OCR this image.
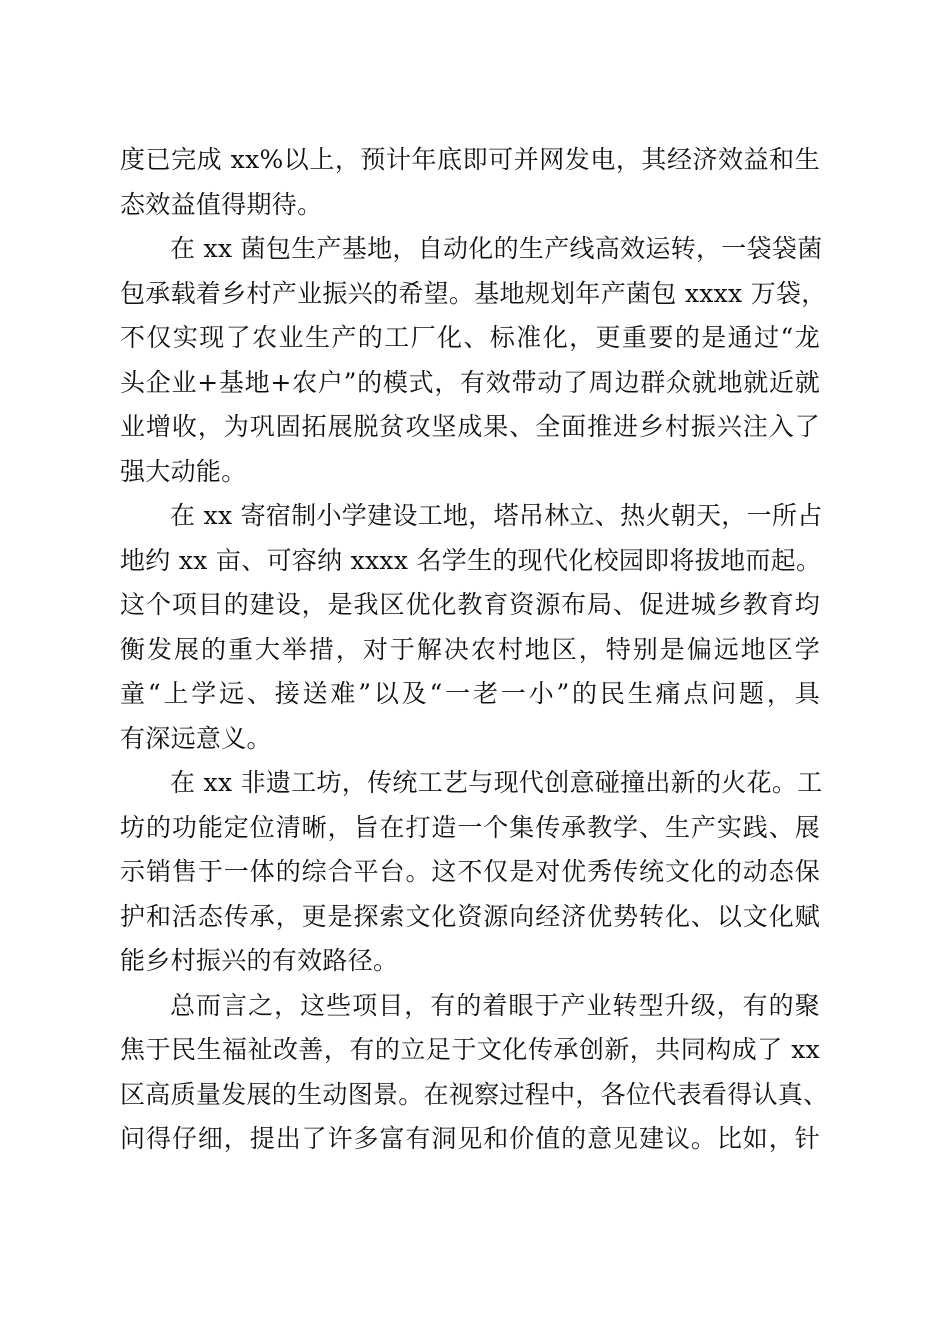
度已完成 xx%以上，预计年底即可并网发电，其经济效益和生
态效益值得期待。

在 xx 菌包生产基地，自动化的生产线高效运转，一袋袋菌
包承载着乡村产业振兴的希望。基地规划年产菌包 xxxx 万袋，
不仅实现了农业生产的工厂化、标准化，更重要的是通过“龙
头企业+基地+农户”的模式，有效带动了周边群众就地就近就
业增收，为巩固拓展脱贫攻坚成果、全面推进乡村振兴注入了
强大动能。

在 xx 寄宿制小学建设工地，塔吊林立、热火朝天，一所占
地约 xx 亩、可容纳 xxxx 名学生的现代化校园即将拔地而起。
这个项目的建设，是我区优化教育资源布局、促进城乡教育均
衡发展的重大举措，对于解决农村地区，特别是偏远地区学
童“上学远、接送难”以及“一老一小”的民生痛点问题，具
有深远意义。

在 xx 非遗工坊，传统工艺与现代创意碰撞出新的火花。工
坊的功能定位清晰，旨在打造一个集传承教学、生产实践、展
示销售于一体的综合平台。这不仅是对优秀传统文化的动态保
护和活态传承，更是探索文化资源向经济优势转化、以文化赋
能乡村振兴的有效路径。

总而言之，这些项目，有的着眼于产业转型升级，有的聚
焦于民生福祉改善，有的立足于文化传承创新，共同构成了 xx
区高质量发展的生动图景。在视察过程中，各位代表看得认真、
问得仔细，提出了许多富有洞见和价值的意见建议。比如，针
